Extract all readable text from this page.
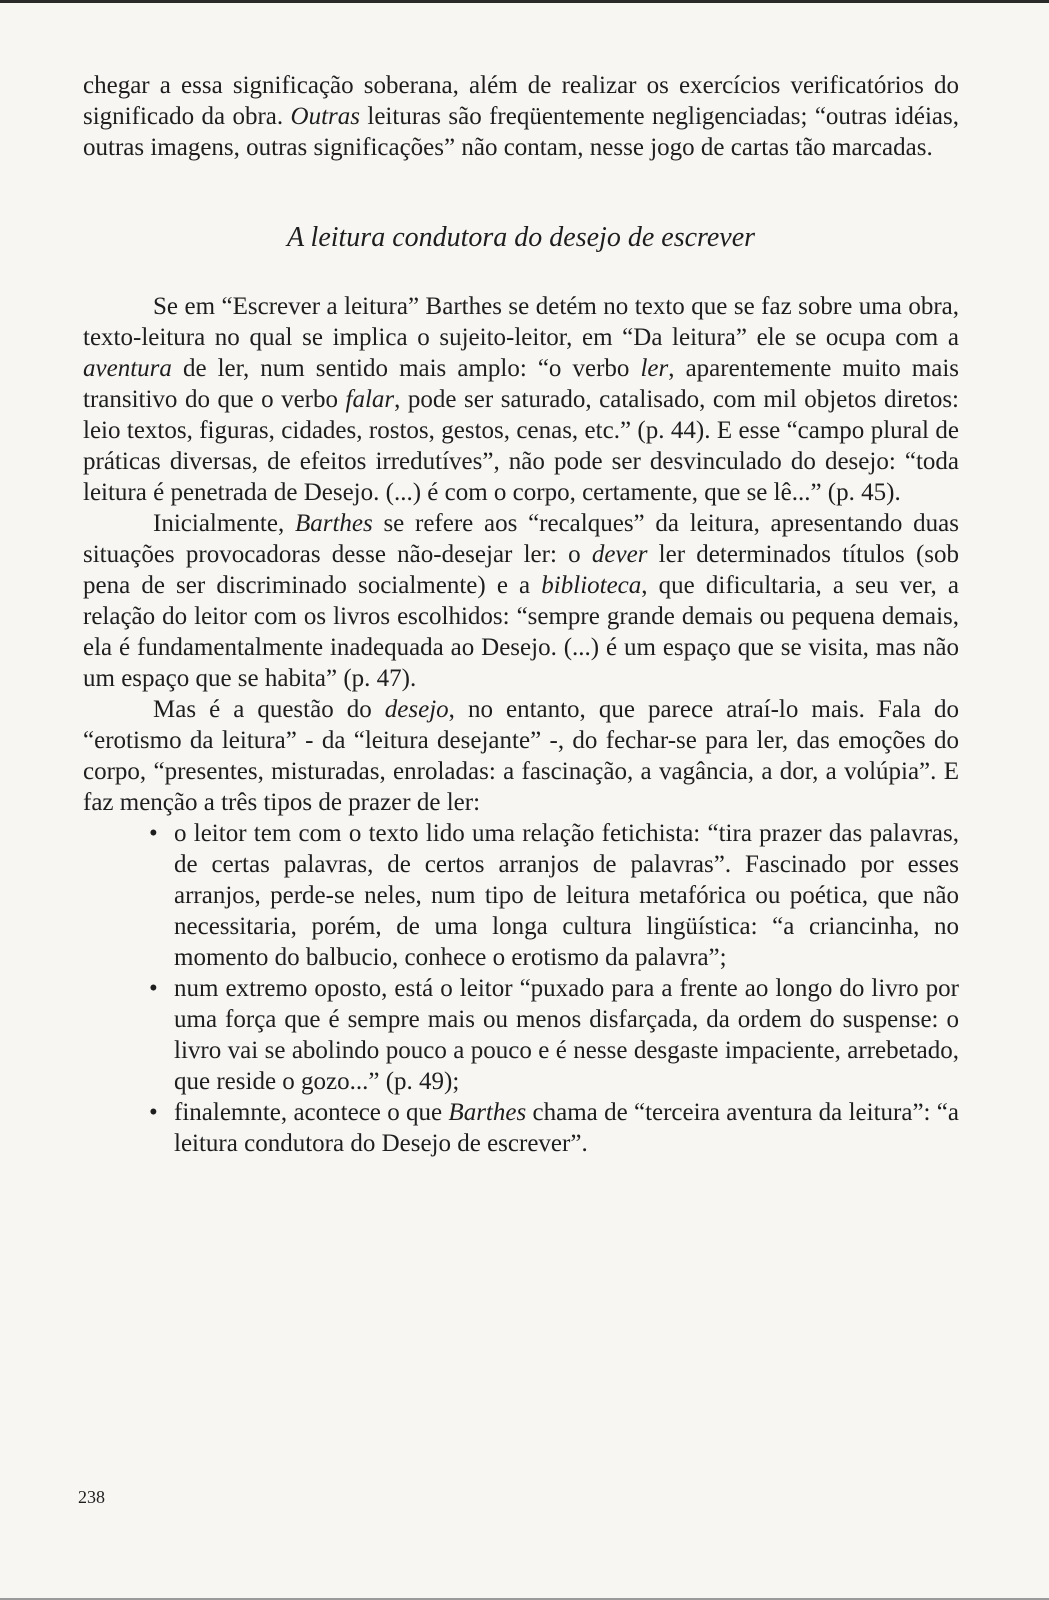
chegar a essa significação soberana, além de realizar os exercícios verificatórios do significado da obra. Outras leituras são freqüentemente negligenciadas; “outras idéias, outras imagens, outras significações” não contam, nesse jogo de cartas tão marcadas.

A leitura condutora do desejo de escrever

Se em “Escrever a leitura” Barthes se detém no texto que se faz sobre uma obra, texto-leitura no qual se implica o sujeito-leitor, em “Da leitura” ele se ocupa com a aventura de ler, num sentido mais amplo: “o verbo ler, aparentemente muito mais transitivo do que o verbo falar, pode ser saturado, catalisado, com mil objetos diretos: leio textos, figuras, cidades, rostos, gestos, cenas, etc.” (p. 44). E esse “campo plural de práticas diversas, de efeitos irredutíves”, não pode ser desvinculado do desejo: “toda leitura é penetrada de Desejo. (...) é com o corpo, certamente, que se lê...” (p. 45).

Inicialmente, Barthes se refere aos “recalques” da leitura, apresentando duas situações provocadoras desse não-desejar ler: o dever ler determinados títulos (sob pena de ser discriminado socialmente) e a biblioteca, que dificultaria, a seu ver, a relação do leitor com os livros escolhidos: “sempre grande demais ou pequena demais, ela é fundamentalmente inadequada ao Desejo. (...) é um espaço que se visita, mas não um espaço que se habita” (p. 47).

Mas é a questão do desejo, no entanto, que parece atraí-lo mais. Fala do “erotismo da leitura” - da “leitura desejante” -, do fechar-se para ler, das emoções do corpo, “presentes, misturadas, enroladas: a fascinação, a vagância, a dor, a volúpia”. E faz menção a três tipos de prazer de ler:

• o leitor tem com o texto lido uma relação fetichista: “tira prazer das palavras, de certas palavras, de certos arranjos de palavras”. Fascinado por esses arranjos, perde-se neles, num tipo de leitura metafórica ou poética, que não necessitaria, porém, de uma longa cultura lingüística: “a criancinha, no momento do balbucio, conhece o erotismo da palavra”;
• num extremo oposto, está o leitor “puxado para a frente ao longo do livro por uma força que é sempre mais ou menos disfarçada, da ordem do suspense: o livro vai se abolindo pouco a pouco e é nesse desgaste impaciente, arrebetado, que reside o gozo...” (p. 49);
• finalemnte, acontece o que Barthes chama de “terceira aventura da leitura”: “a leitura condutora do Desejo de escrever”.
238
